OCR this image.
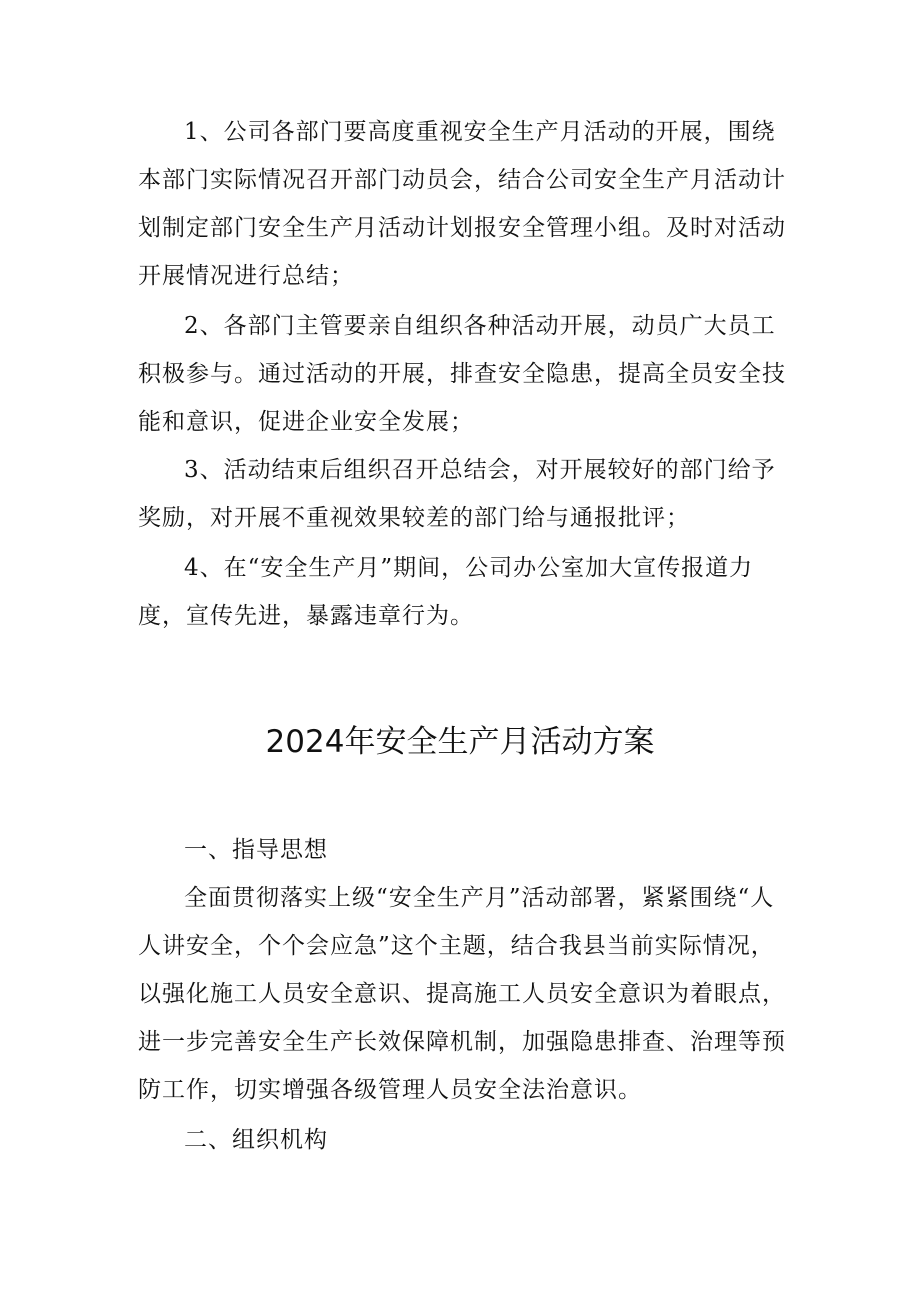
1、公司各部门要高度重视安全生产月活动的开展，围绕本部门实际情况召开部门动员会，结合公司安全生产月活动计划制定部门安全生产月活动计划报安全管理小组。及时对活动开展情况进行总结；

2、各部门主管要亲自组织各种活动开展，动员广大员工积极参与。通过活动的开展，排查安全隐患，提高全员安全技能和意识，促进企业安全发展；

3、活动结束后组织召开总结会，对开展较好的部门给予奖励，对开展不重视效果较差的部门给与通报批评；

4、在“安全生产月”期间，公司办公室加大宣传报道力度，宣传先进，暴露违章行为。

2024年安全生产月活动方案

一、指导思想

全面贯彻落实上级“安全生产月”活动部署，紧紧围绕“人人讲安全，个个会应急”这个主题，结合我县当前实际情况，以强化施工人员安全意识、提高施工人员安全意识为着眼点，进一步完善安全生产长效保障机制，加强隐患排查、治理等预防工作，切实增强各级管理人员安全法治意识。

二、组织机构
